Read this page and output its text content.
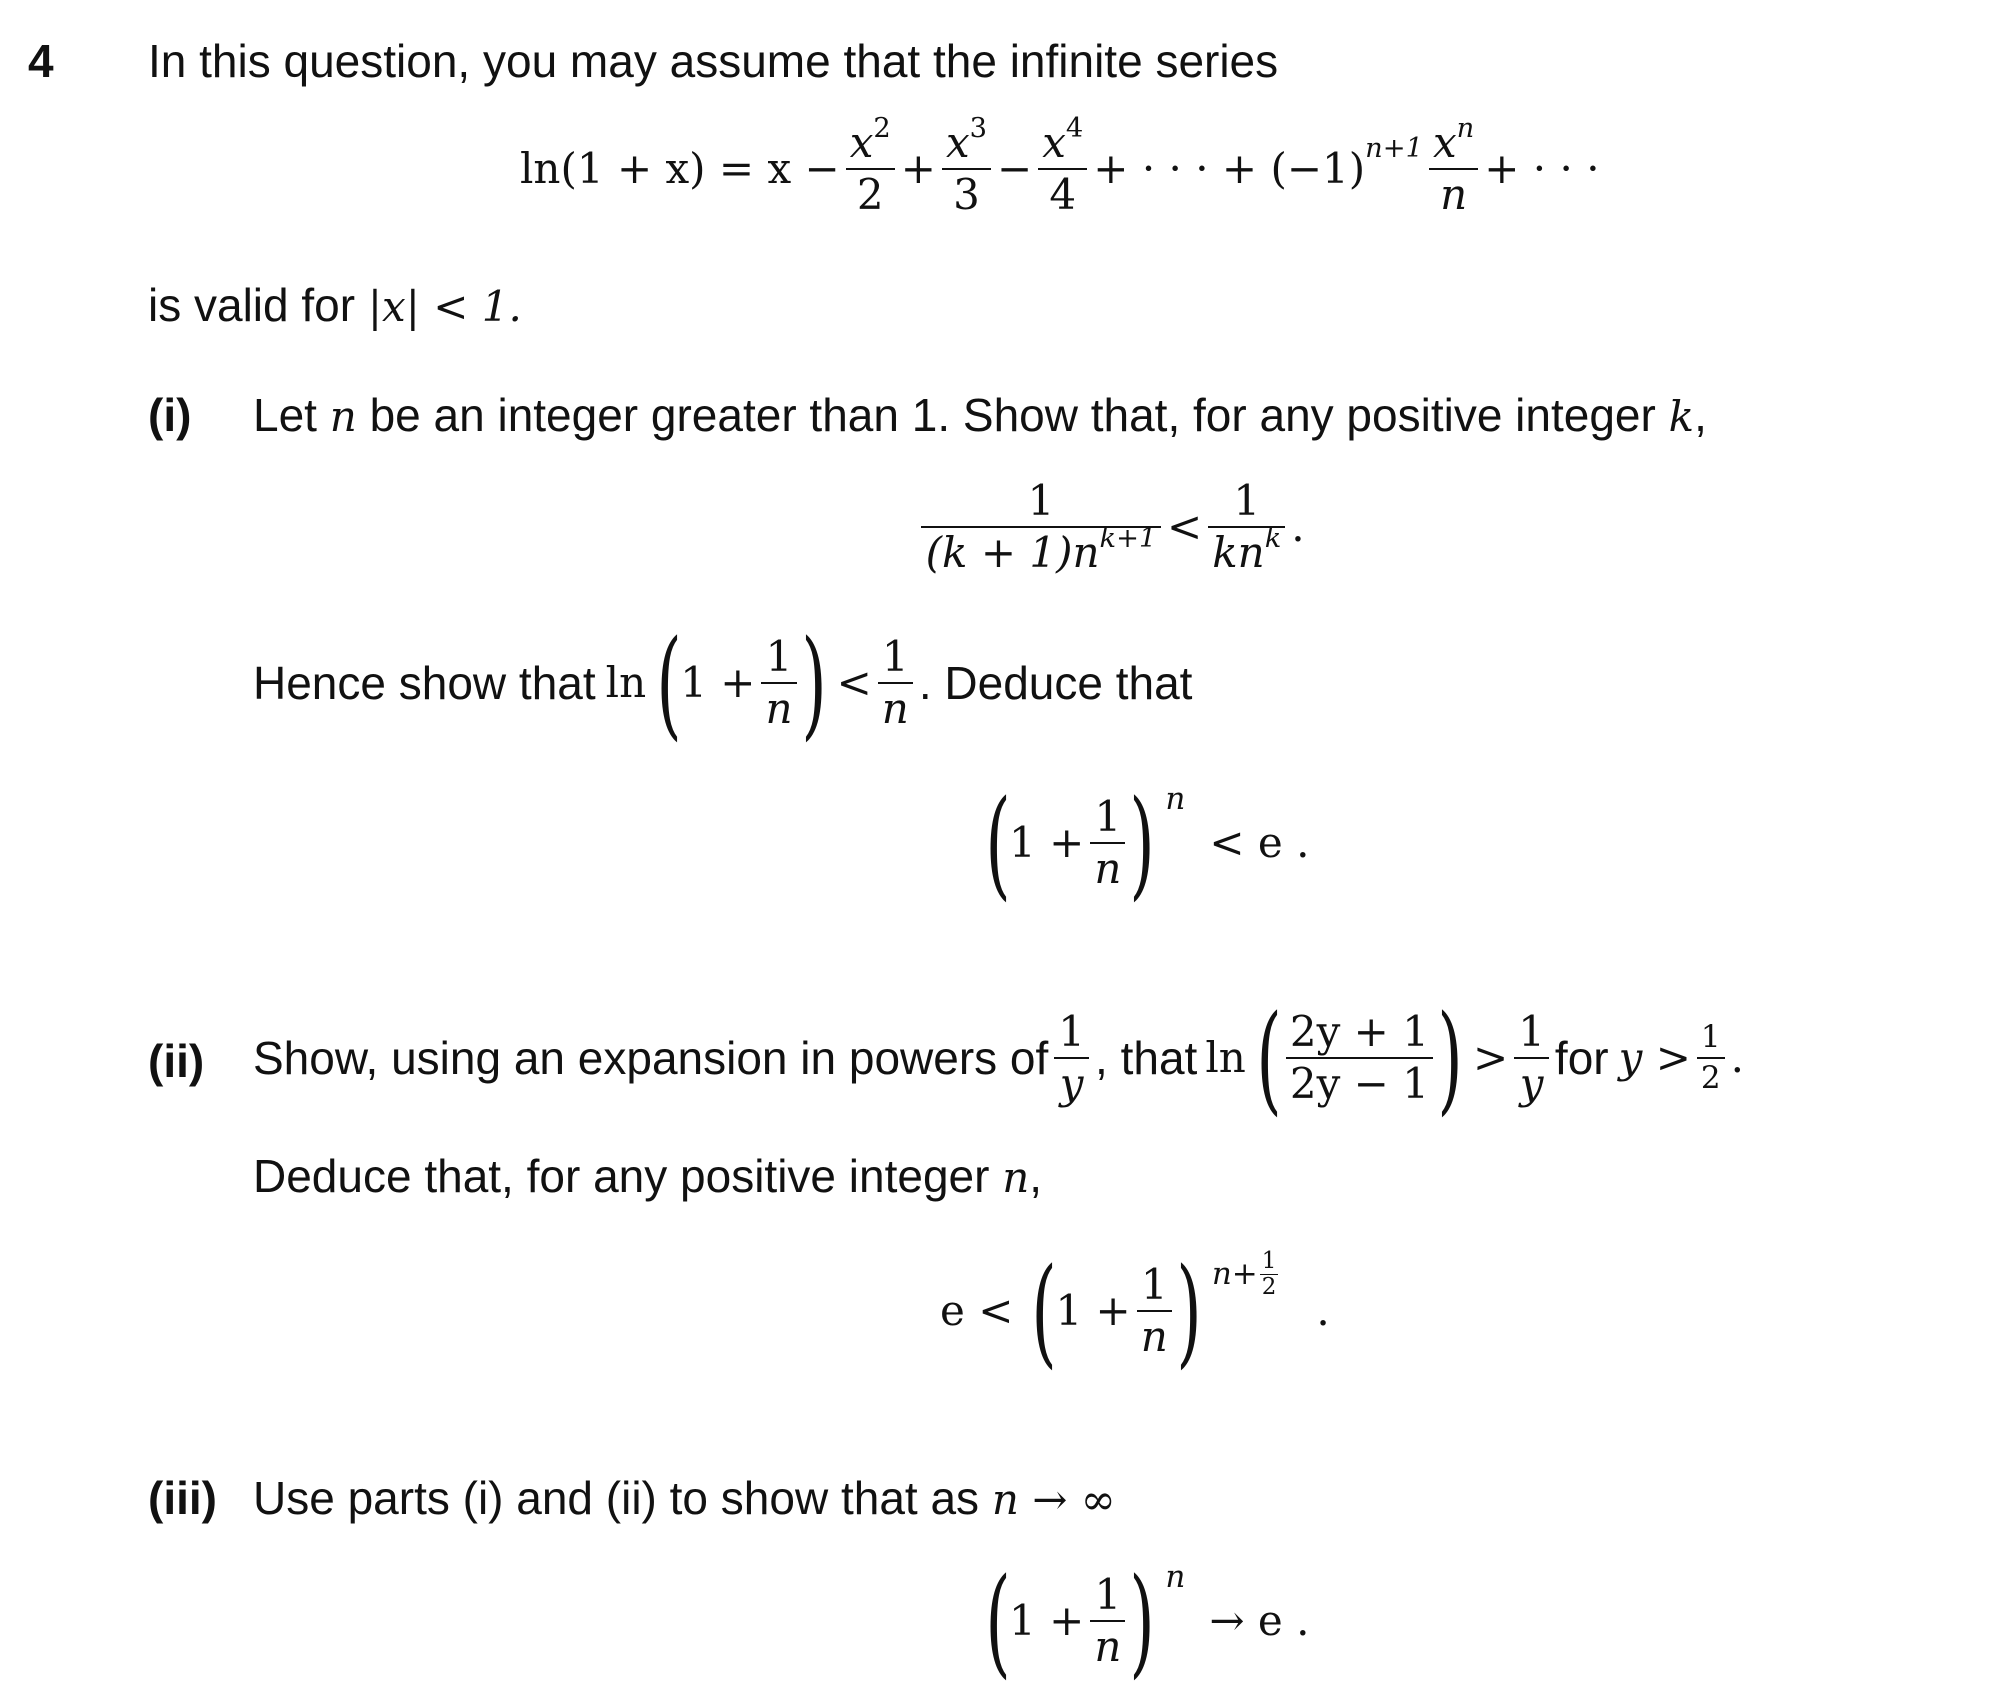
4 In this question, you may assume that the infinite series
$\ln(1 + x) = x - \frac{x^2}{2} + \frac{x^3}{3} - \frac{x^4}{4}$ + · · · + (−1) $n+1 \frac{x^n}{n}$ + · · ·
is valid for |x| < 1.
(i) Let n be an integer greater than 1. Show that, for any positive integer k,
$\frac{1}{(k + 1)n^{k+1}} < \frac{1}{kn^k}$ .
Hence show that ln (
$1 + \frac{1}{n}$ ) < $\frac{1}{n}$ . Deduce that
(
$1 + \frac{1}{n}$ ) n
< e .
(ii) Show, using an expansion in powers of $\frac{1}{y}$ , that ln ( $\frac{2y + 1}{2y - 1}$ ) > $\frac{1}{y}$ for $y > \frac{1}{2}$ .
Deduce that, for any positive integer n,
e < (
$1 + \frac{1}{n}$ ) $n+ \frac{1}{2}$
.
(iii) Use parts (i) and (ii) to show that as n → ∞
(
$1 + \frac{1}{n}$ ) n
→ e .
